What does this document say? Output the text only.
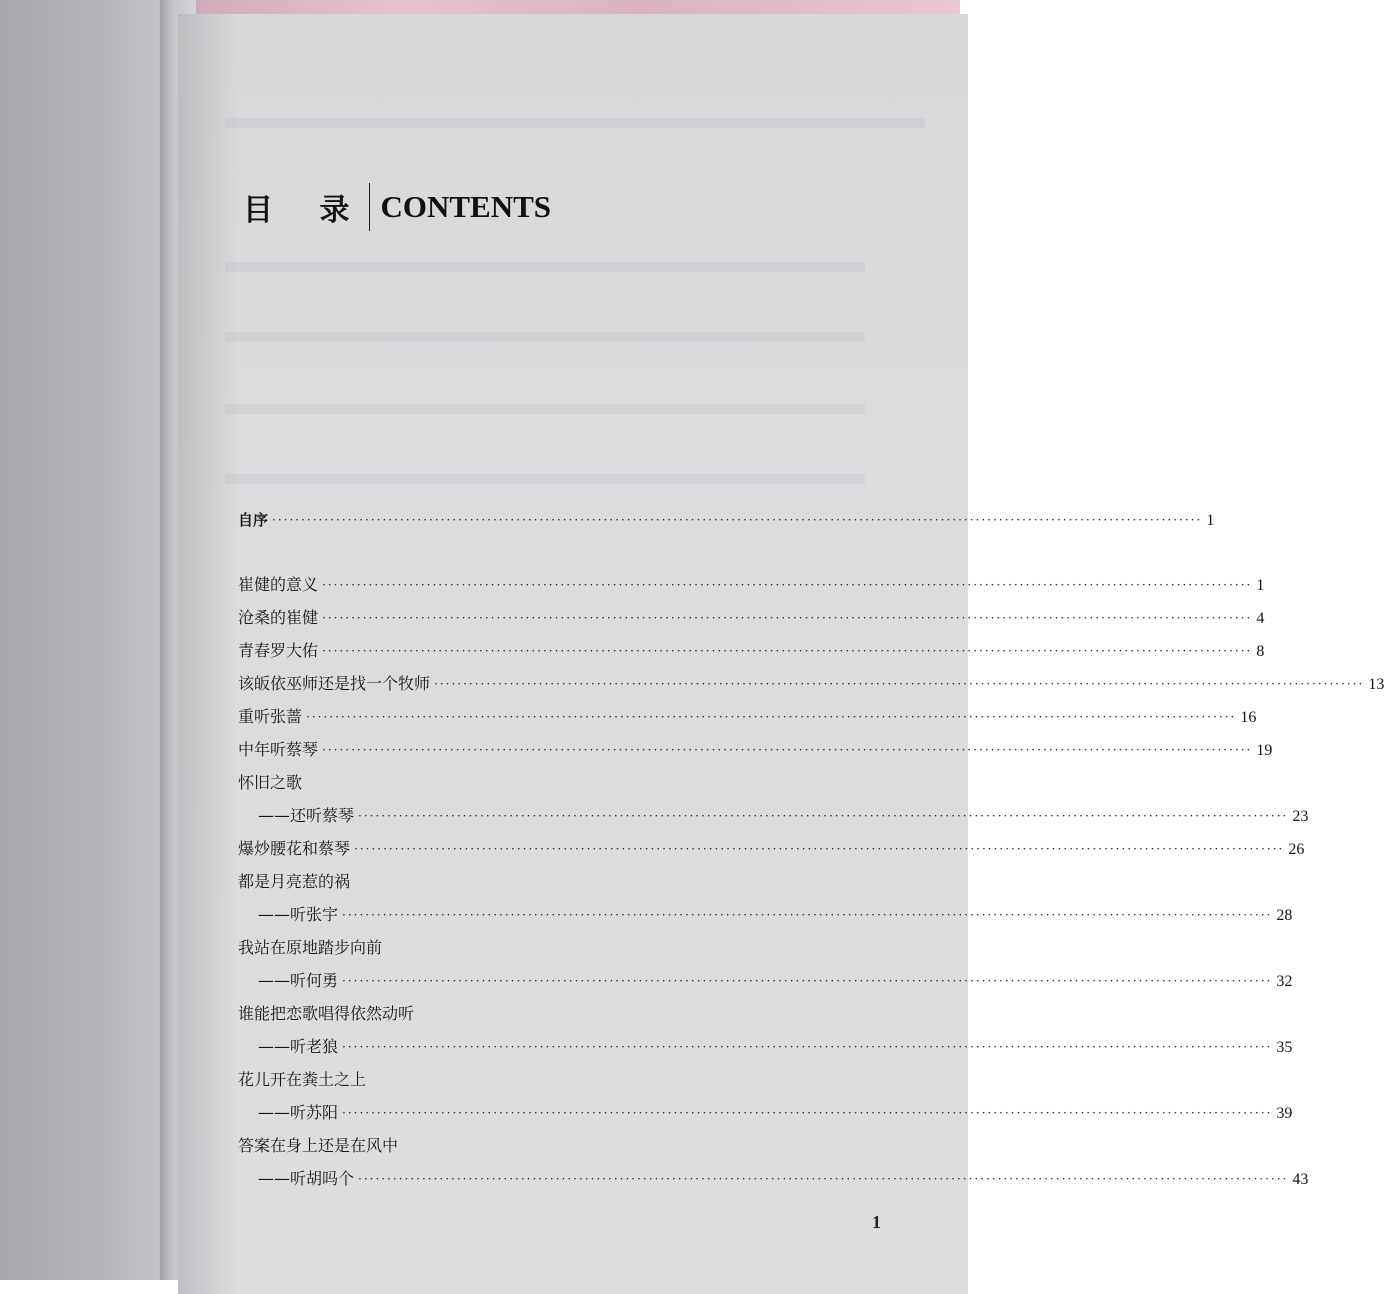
目 录 CONTENTS
自序 ································································································································································ 1
崔健的意义 ································································································································································ 1
沧桑的崔健 ································································································································································ 4
青春罗大佑 ································································································································································ 8
该皈依巫师还是找一个牧师 ································································································································································ 13
重听张蔷 ································································································································································ 16
中年听蔡琴 ································································································································································ 19
怀旧之歌
——还听蔡琴 ································································································································································ 23
爆炒腰花和蔡琴 ································································································································································ 26
都是月亮惹的祸
——听张宇 ································································································································································ 28
我站在原地踏步向前
——听何勇 ································································································································································ 32
谁能把恋歌唱得依然动听
——听老狼 ································································································································································ 35
花儿开在粪土之上
——听苏阳 ································································································································································ 39
答案在身上还是在风中
——听胡吗个 ································································································································································ 43
1
